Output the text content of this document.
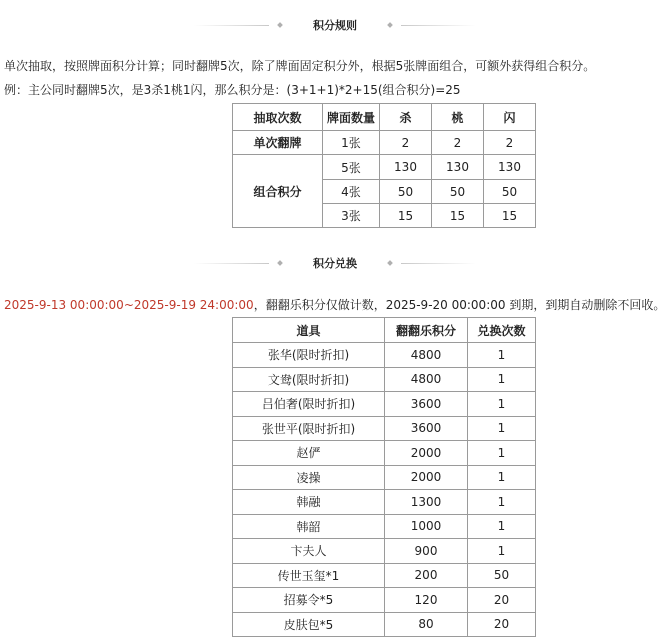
积分规则
单次抽取，按照牌面积分计算；同时翻牌5次，除了牌面固定积分外，根据5张牌面组合，可额外获得组合积分。
例：主公同时翻牌5次，是3杀1桃1闪，那么积分是：(3+1+1)*2+15(组合积分)=25
抽取次数	牌面数量	杀	桃	闪
单次翻牌	1张	2	2	2
组合积分	5张	130	130	130
	4张	50	50	50
	3张	15	15	15
积分兑换
2025-9-13 00:00:00~2025-9-19 24:00:00，翻翻乐积分仅做计数，2025-9-20 00:00:00 到期，到期自动删除不回收。
道具	翻翻乐积分	兑换次数
张华(限时折扣)	4800	1
文鸯(限时折扣)	4800	1
吕伯奢(限时折扣)	3600	1
张世平(限时折扣)	3600	1
赵俨	2000	1
凌操	2000	1
韩融	1300	1
韩韶	1000	1
卞夫人	900	1
传世玉玺*1	200	50
招募令*5	120	20
皮肤包*5	80	20
